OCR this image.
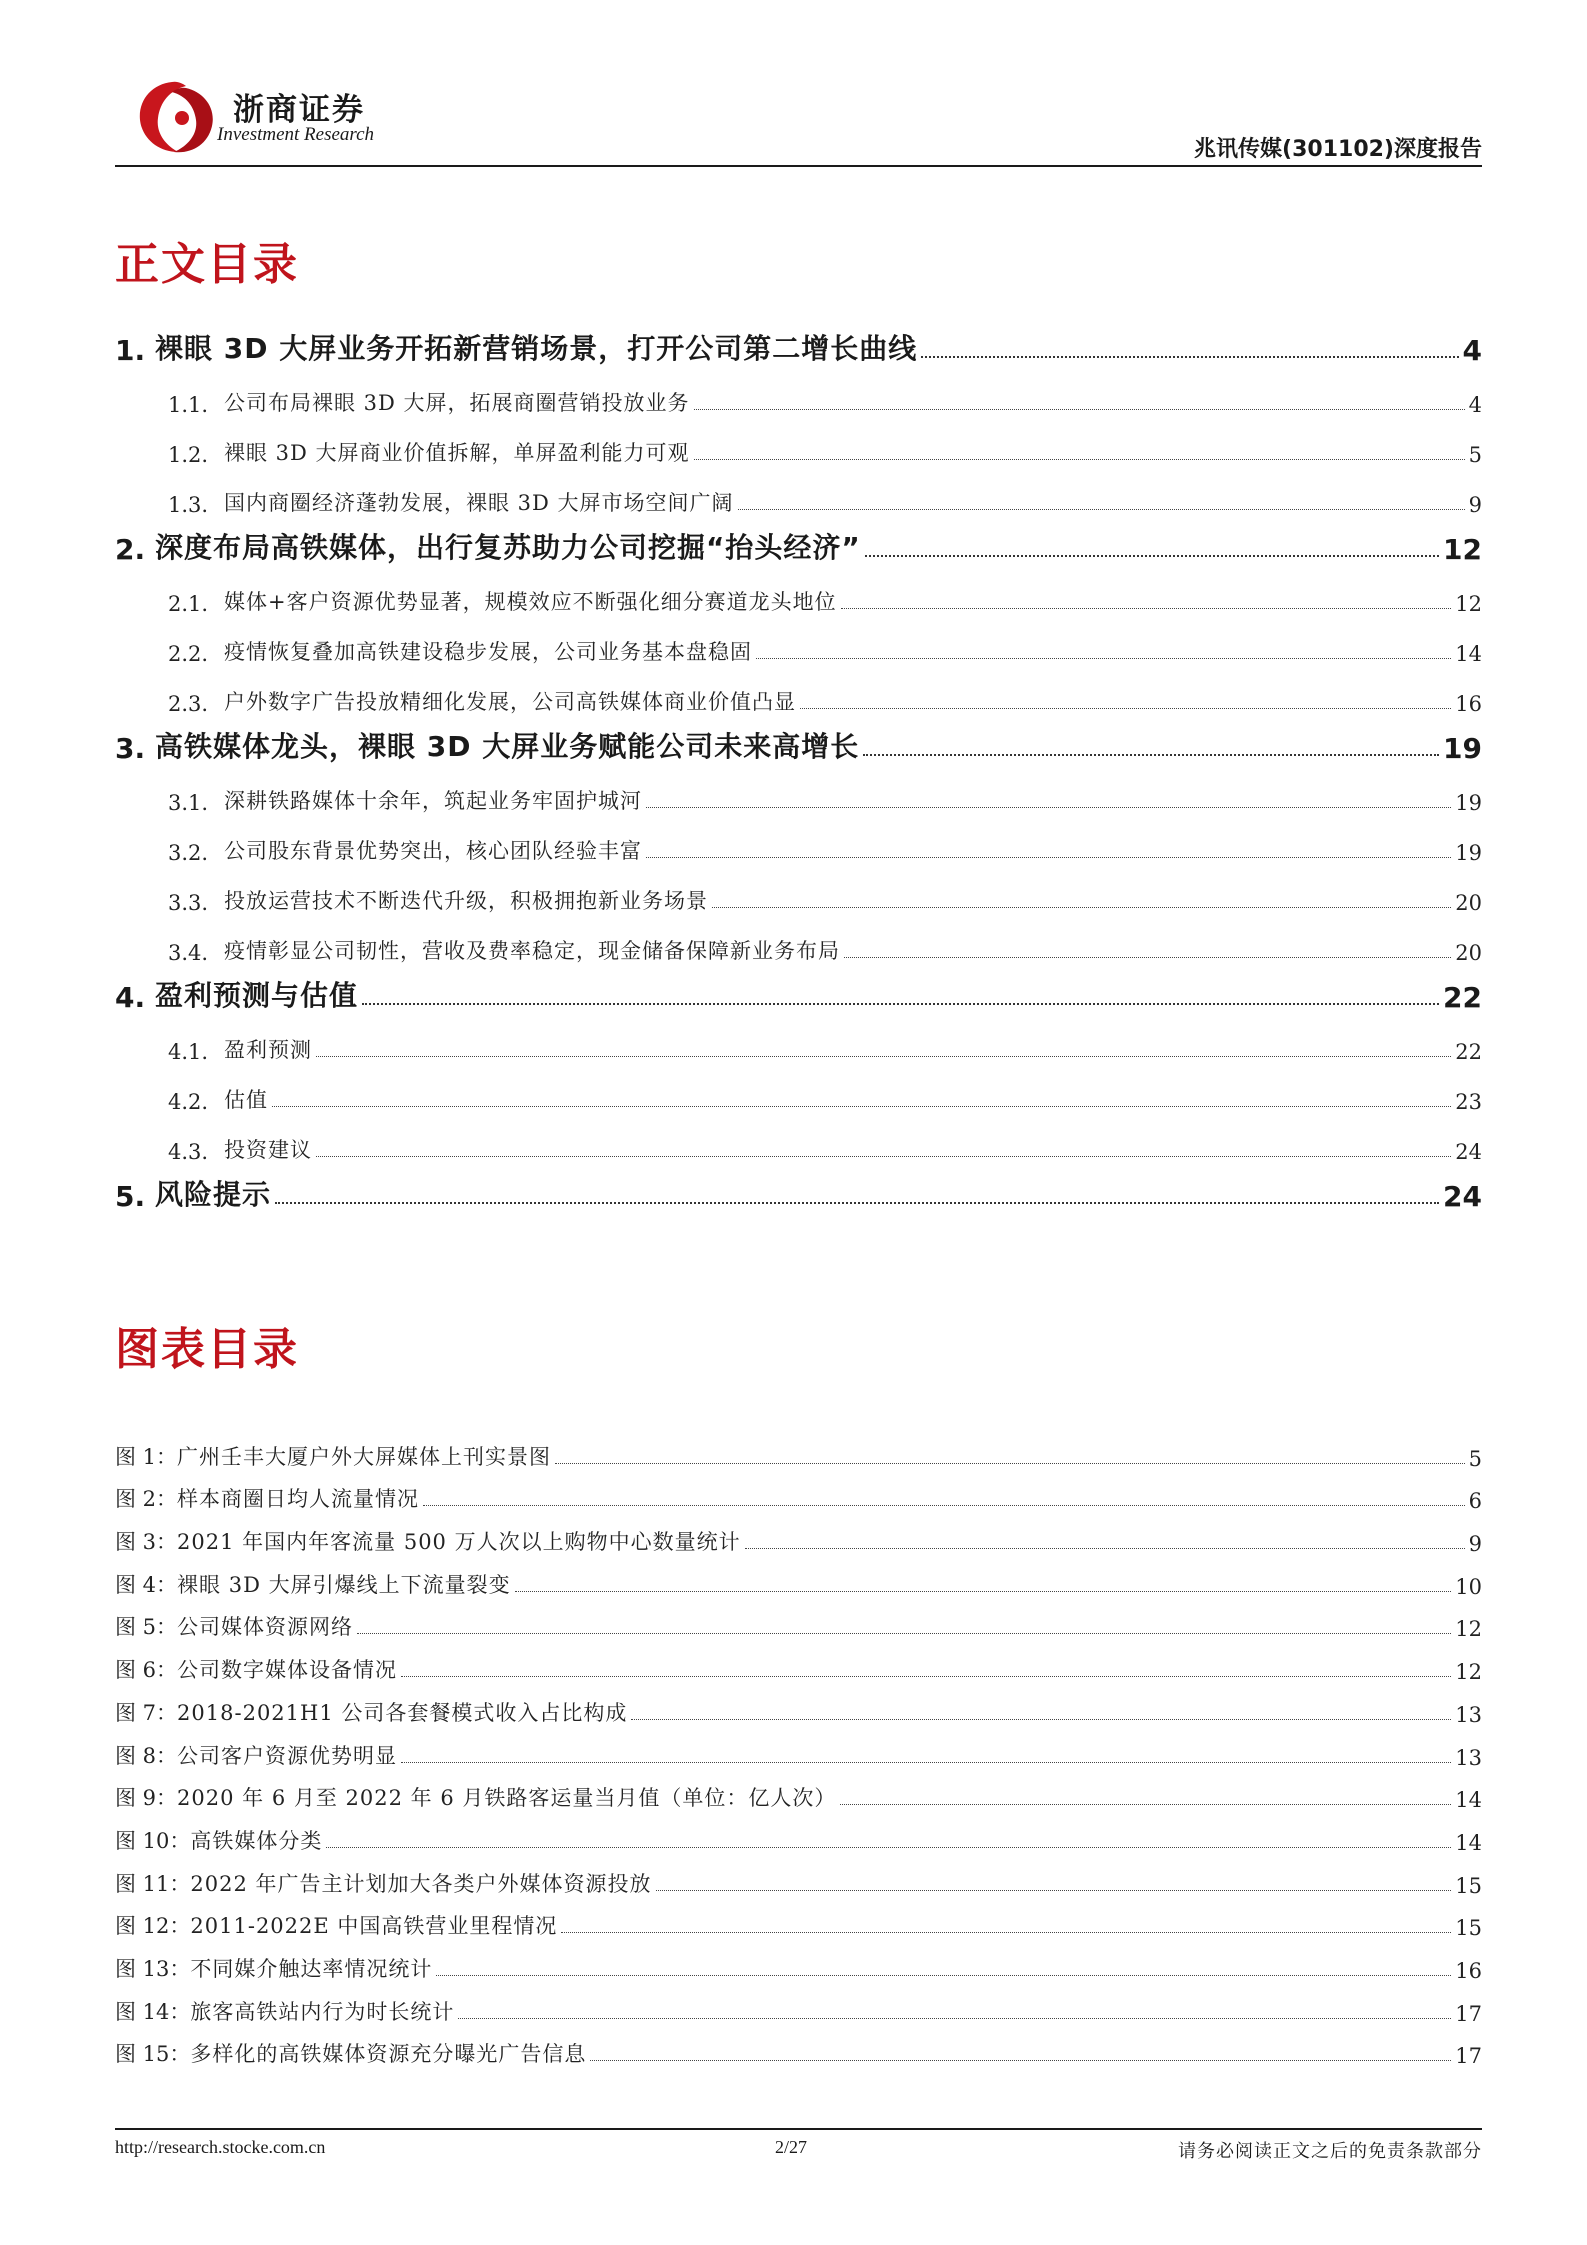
浙商证券
Investment Research
兆讯传媒(301102)深度报告
正文目录
1. 裸眼 3D 大屏业务开拓新营销场景，打开公司第二增长曲线	4
1.1. 公司布局裸眼 3D 大屏，拓展商圈营销投放业务	4
1.2. 裸眼 3D 大屏商业价值拆解，单屏盈利能力可观	5
1.3. 国内商圈经济蓬勃发展，裸眼 3D 大屏市场空间广阔	9
2. 深度布局高铁媒体，出行复苏助力公司挖掘“抬头经济”	12
2.1. 媒体+客户资源优势显著，规模效应不断强化细分赛道龙头地位	12
2.2. 疫情恢复叠加高铁建设稳步发展，公司业务基本盘稳固	14
2.3. 户外数字广告投放精细化发展，公司高铁媒体商业价值凸显	16
3. 高铁媒体龙头，裸眼 3D 大屏业务赋能公司未来高增长	19
3.1. 深耕铁路媒体十余年，筑起业务牢固护城河	19
3.2. 公司股东背景优势突出，核心团队经验丰富	19
3.3. 投放运营技术不断迭代升级，积极拥抱新业务场景	20
3.4. 疫情彰显公司韧性，营收及费率稳定，现金储备保障新业务布局	20
4. 盈利预测与估值	22
4.1. 盈利预测	22
4.2. 估值	23
4.3. 投资建议	24
5. 风险提示	24
图表目录
图 1： 广州壬丰大厦户外大屏媒体上刊实景图	5
图 2： 样本商圈日均人流量情况	6
图 3： 2021 年国内年客流量 500 万人次以上购物中心数量统计	9
图 4： 裸眼 3D 大屏引爆线上下流量裂变	10
图 5： 公司媒体资源网络	12
图 6： 公司数字媒体设备情况	12
图 7： 2018-2021H1 公司各套餐模式收入占比构成	13
图 8： 公司客户资源优势明显	13
图 9： 2020 年 6 月至 2022 年 6 月铁路客运量当月值（单位：亿人次）	14
图 10： 高铁媒体分类	14
图 11： 2022 年广告主计划加大各类户外媒体资源投放	15
图 12： 2011-2022E 中国高铁营业里程情况	15
图 13： 不同媒介触达率情况统计	16
图 14： 旅客高铁站内行为时长统计	17
图 15： 多样化的高铁媒体资源充分曝光广告信息	17
http://research.stocke.com.cn	2/27	请务必阅读正文之后的免责条款部分
